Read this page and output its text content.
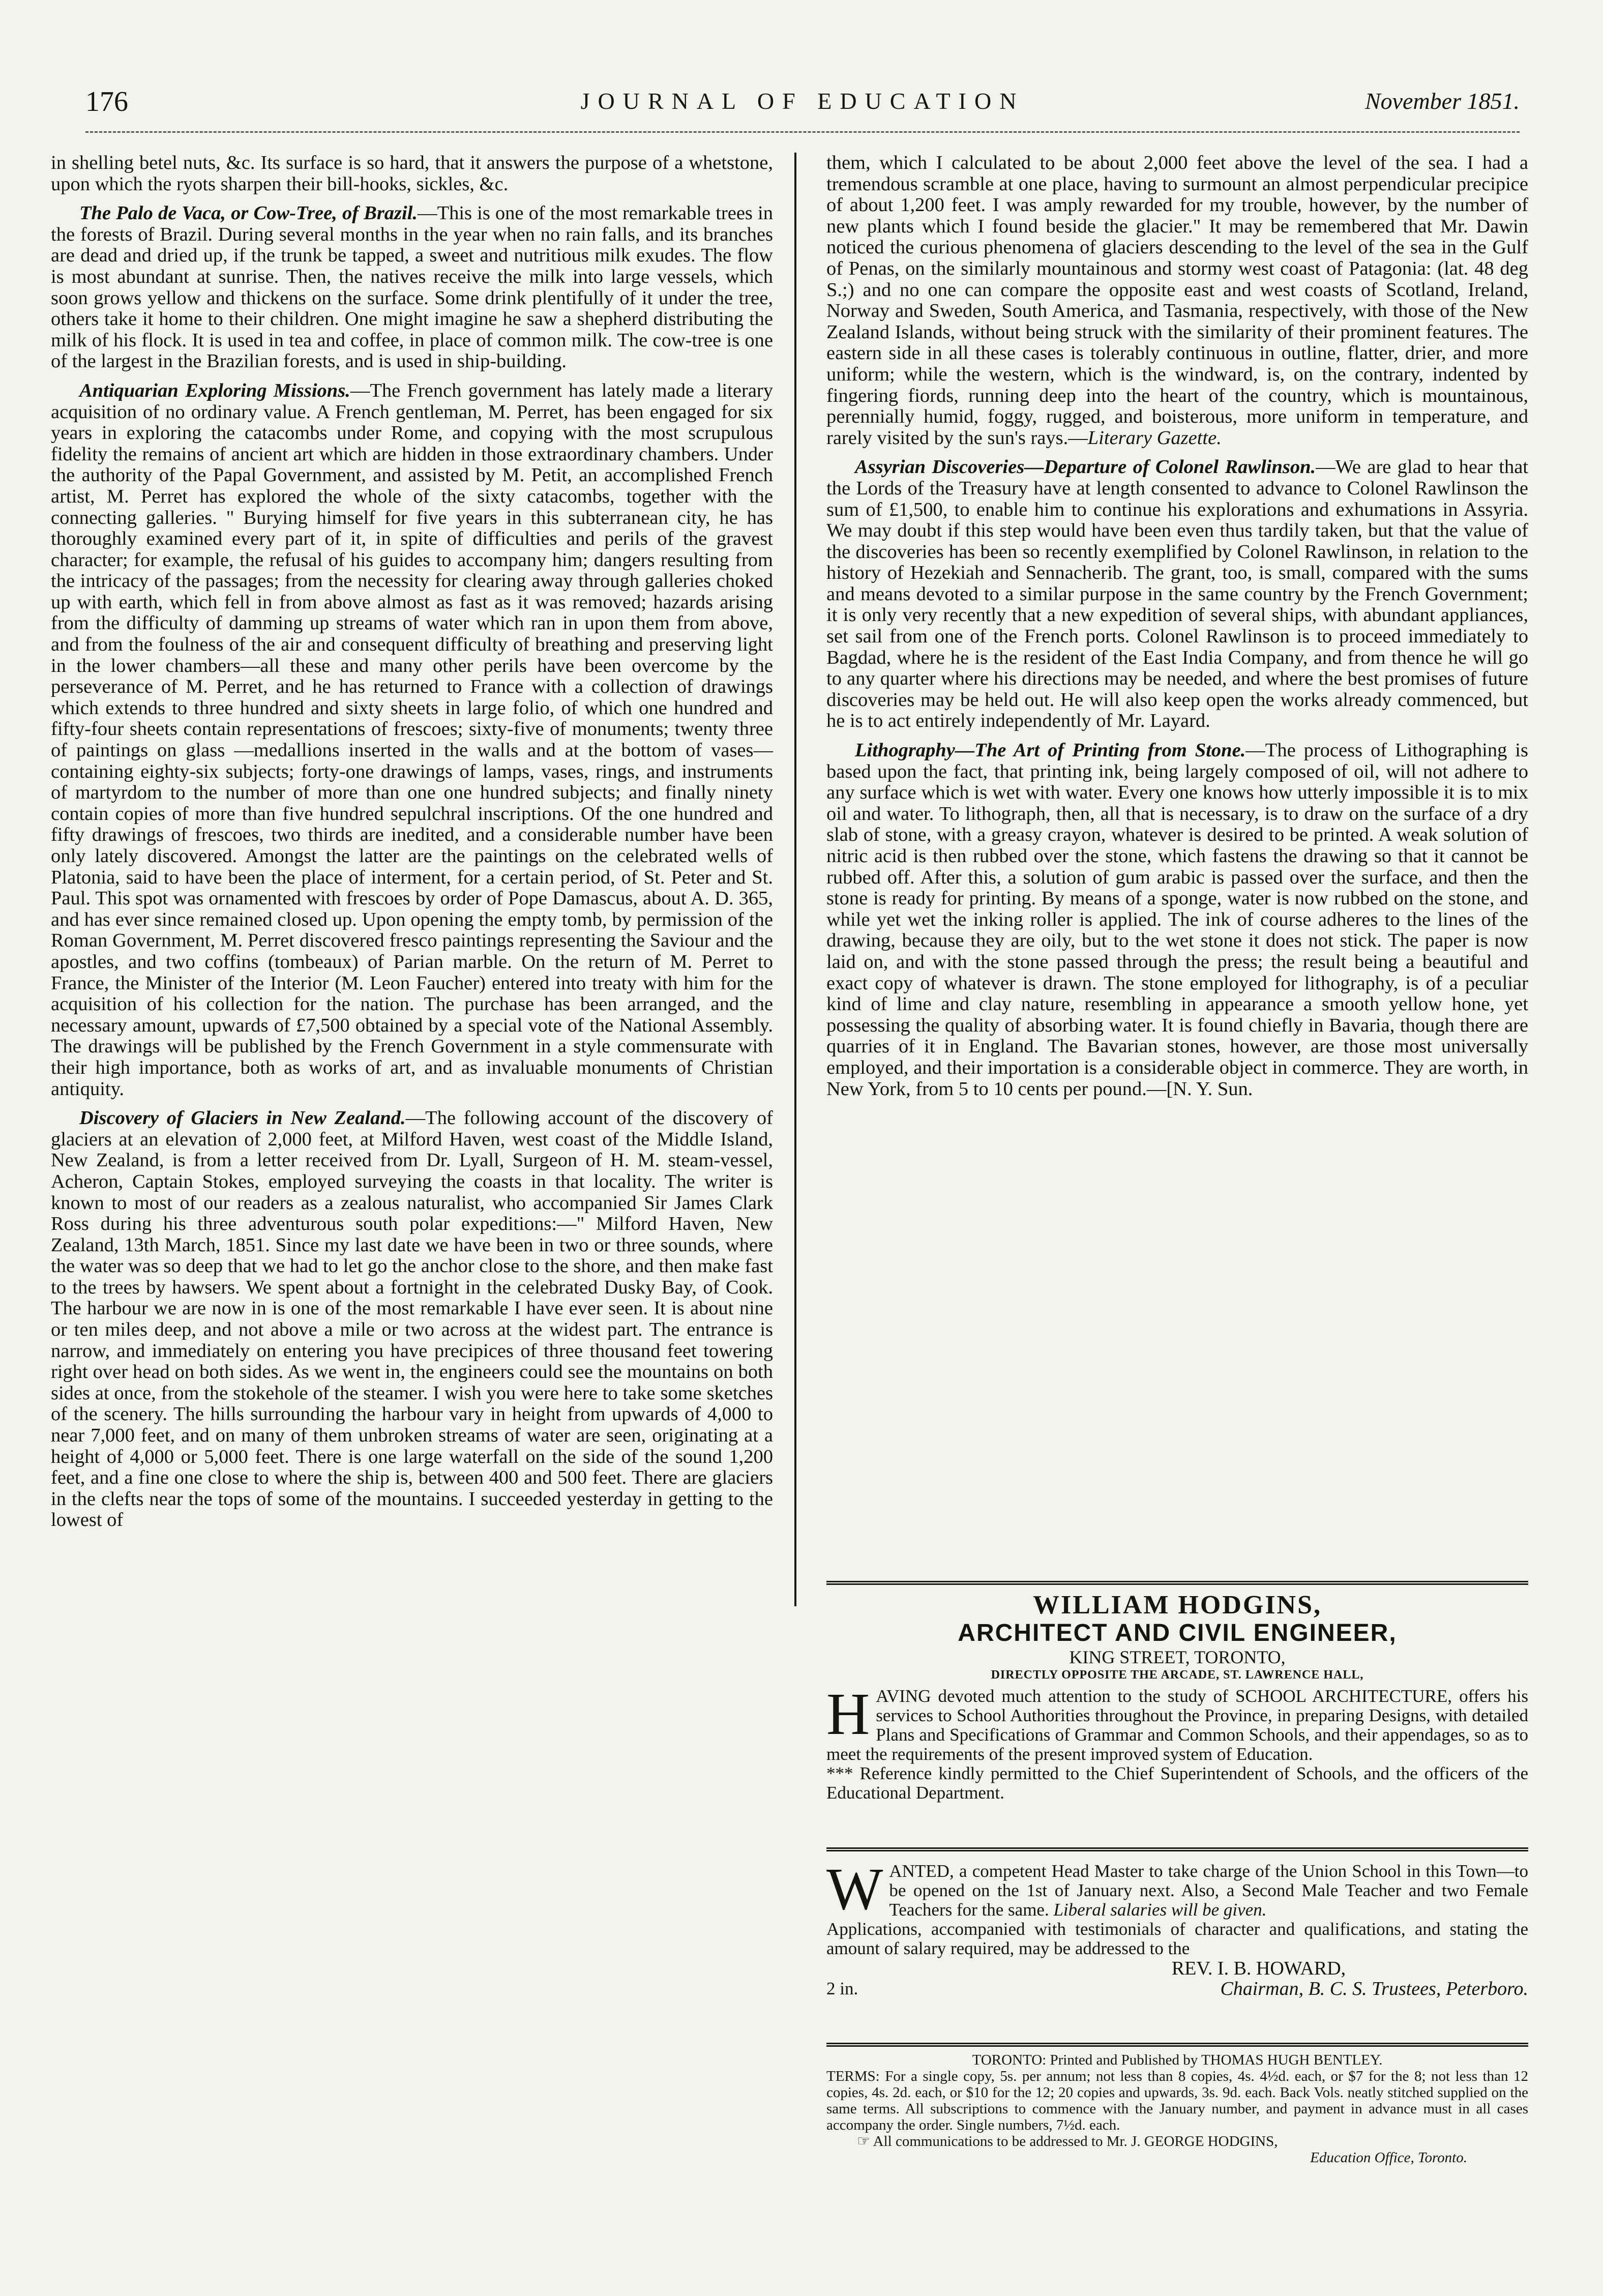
176	JOURNAL OF EDUCATION	November 1851.

in shelling betel nuts, &c. Its surface is so hard, that it answers the purpose of a whetstone, upon which the ryots sharpen their bill-hooks, sickles, &c.

The Palo de Vaca, or Cow-Tree, of Brazil.—This is one of the most remarkable trees in the forests of Brazil. During several months in the year when no rain falls, and its branches are dead and dried up, if the trunk be tapped, a sweet and nutritious milk exudes. The flow is most abundant at sunrise. Then, the natives receive the milk into large vessels, which soon grows yellow and thickens on the surface. Some drink plentifully of it under the tree, others take it home to their children. One might imagine he saw a shepherd distributing the milk of his flock. It is used in tea and coffee, in place of common milk. The cow-tree is one of the largest in the Brazilian forests, and is used in ship-building.

Antiquarian Exploring Missions.—The French government has lately made a literary acquisition of no ordinary value. A French gentleman, M. Perret, has been engaged for six years in exploring the catacombs under Rome, and copying with the most scrupulous fidelity the remains of ancient art which are hidden in those extraordinary chambers. Under the authority of the Papal Government, and assisted by M. Petit, an accomplished French artist, M. Perret has explored the whole of the sixty catacombs, together with the connecting galleries. " Burying himself for five years in this subterranean city, he has thoroughly examined every part of it, in spite of difficulties and perils of the gravest character; for example, the refusal of his guides to accompany him; dangers resulting from the intricacy of the passages; from the necessity for clearing away through galleries choked up with earth, which fell in from above almost as fast as it was removed; hazards arising from the difficulty of damming up streams of water which ran in upon them from above, and from the foulness of the air and consequent difficulty of breathing and preserving light in the lower chambers—all these and many other perils have been overcome by the perseverance of M. Perret, and he has returned to France with a collection of drawings which extends to three hundred and sixty sheets in large folio, of which one hundred and fifty-four sheets contain representations of frescoes; sixty-five of monuments; twenty three of paintings on glass —medallions inserted in the walls and at the bottom of vases—containing eighty-six subjects; forty-one drawings of lamps, vases, rings, and instruments of martyrdom to the number of more than one one hundred subjects; and finally ninety contain copies of more than five hundred sepulchral inscriptions. Of the one hundred and fifty drawings of frescoes, two thirds are inedited, and a considerable number have been only lately discovered. Amongst the latter are the paintings on the celebrated wells of Platonia, said to have been the place of interment, for a certain period, of St. Peter and St. Paul. This spot was ornamented with frescoes by order of Pope Damascus, about A. D. 365, and has ever since remained closed up. Upon opening the empty tomb, by permission of the Roman Government, M. Perret discovered fresco paintings representing the Saviour and the apostles, and two coffins (tombeaux) of Parian marble. On the return of M. Perret to France, the Minister of the Interior (M. Leon Faucher) entered into treaty with him for the acquisition of his collection for the nation. The purchase has been arranged, and the necessary amount, upwards of £7,500 obtained by a special vote of the National Assembly. The drawings will be published by the French Government in a style commensurate with their high importance, both as works of art, and as invaluable monuments of Christian antiquity.

Discovery of Glaciers in New Zealand.—The following account of the discovery of glaciers at an elevation of 2,000 feet, at Milford Haven, west coast of the Middle Island, New Zealand, is from a letter received from Dr. Lyall, Surgeon of H. M. steam-vessel, Acheron, Captain Stokes, employed surveying the coasts in that locality. The writer is known to most of our readers as a zealous naturalist, who accompanied Sir James Clark Ross during his three adventurous south polar expeditions:—" Milford Haven, New Zealand, 13th March, 1851. Since my last date we have been in two or three sounds, where the water was so deep that we had to let go the anchor close to the shore, and then make fast to the trees by hawsers. We spent about a fortnight in the celebrated Dusky Bay, of Cook. The harbour we are now in is one of the most remarkable I have ever seen. It is about nine or ten miles deep, and not above a mile or two across at the widest part. The entrance is narrow, and immediately on entering you have precipices of three thousand feet towering right over head on both sides. As we went in, the engineers could see the mountains on both sides at once, from the stokehole of the steamer. I wish you were here to take some sketches of the scenery. The hills surrounding the harbour vary in height from upwards of 4,000 to near 7,000 feet, and on many of them unbroken streams of water are seen, originating at a height of 4,000 or 5,000 feet. There is one large waterfall on the side of the sound 1,200 feet, and a fine one close to where the ship is, between 400 and 500 feet. There are glaciers in the clefts near the tops of some of the mountains. I succeeded yesterday in getting to the lowest of

them, which I calculated to be about 2,000 feet above the level of the sea. I had a tremendous scramble at one place, having to surmount an almost perpendicular precipice of about 1,200 feet. I was amply rewarded for my trouble, however, by the number of new plants which I found beside the glacier." It may be remembered that Mr. Dawin noticed the curious phenomena of glaciers descending to the level of the sea in the Gulf of Penas, on the similarly mountainous and stormy west coast of Patagonia: (lat. 48 deg S.;) and no one can compare the opposite east and west coasts of Scotland, Ireland, Norway and Sweden, South America, and Tasmania, respectively, with those of the New Zealand Islands, without being struck with the similarity of their prominent features. The eastern side in all these cases is tolerably continuous in outline, flatter, drier, and more uniform; while the western, which is the windward, is, on the contrary, indented by fingering fiords, running deep into the heart of the country, which is mountainous, perennially humid, foggy, rugged, and boisterous, more uniform in temperature, and rarely visited by the sun's rays.—Literary Gazette.

Assyrian Discoveries—Departure of Colonel Rawlinson.—We are glad to hear that the Lords of the Treasury have at length consented to advance to Colonel Rawlinson the sum of £1,500, to enable him to continue his explorations and exhumations in Assyria. We may doubt if this step would have been even thus tardily taken, but that the value of the discoveries has been so recently exemplified by Colonel Rawlinson, in relation to the history of Hezekiah and Sennacherib. The grant, too, is small, compared with the sums and means devoted to a similar purpose in the same country by the French Government; it is only very recently that a new expedition of several ships, with abundant appliances, set sail from one of the French ports. Colonel Rawlinson is to proceed immediately to Bagdad, where he is the resident of the East India Company, and from thence he will go to any quarter where his directions may be needed, and where the best promises of future discoveries may be held out. He will also keep open the works already commenced, but he is to act entirely independently of Mr. Layard.

Lithography—The Art of Printing from Stone.—The process of Lithographing is based upon the fact, that printing ink, being largely composed of oil, will not adhere to any surface which is wet with water. Every one knows how utterly impossible it is to mix oil and water. To lithograph, then, all that is necessary, is to draw on the surface of a dry slab of stone, with a greasy crayon, whatever is desired to be printed. A weak solution of nitric acid is then rubbed over the stone, which fastens the drawing so that it cannot be rubbed off. After this, a solution of gum arabic is passed over the surface, and then the stone is ready for printing. By means of a sponge, water is now rubbed on the stone, and while yet wet the inking roller is applied. The ink of course adheres to the lines of the drawing, because they are oily, but to the wet stone it does not stick. The paper is now laid on, and with the stone passed through the press; the result being a beautiful and exact copy of whatever is drawn. The stone employed for lithography, is of a peculiar kind of lime and clay nature, resembling in appearance a smooth yellow hone, yet possessing the quality of absorbing water. It is found chiefly in Bavaria, though there are quarries of it in England. The Bavarian stones, however, are those most universally employed, and their importation is a considerable object in commerce. They are worth, in New York, from 5 to 10 cents per pound.—[N. Y. Sun.

WILLIAM HODGINS,
ARCHITECT AND CIVIL ENGINEER,
KING STREET, TORONTO,
DIRECTLY OPPOSITE THE ARCADE, ST. LAWRENCE HALL,
HAVING devoted much attention to the study of SCHOOL ARCHITECTURE, offers his services to School Authorities throughout the Province, in preparing Designs, with detailed Plans and Specifications of Grammar and Common Schools, and their appendages, so as to meet the requirements of the present improved system of Education.
*** Reference kindly permitted to the Chief Superintendent of Schools, and the officers of the Educational Department.
WANTED, a competent Head Master to take charge of the Union School in this Town—to be opened on the 1st of January next. Also, a Second Male Teacher and two Female Teachers for the same. Liberal salaries will be given.
Applications, accompanied with testimonials of character and qualifications, and stating the amount of salary required, may be addressed to the
REV. I. B. HOWARD,
2 in.	Chairman, B. C. S. Trustees, Peterboro.
TORONTO: Printed and Published by THOMAS HUGH BENTLEY.
TERMS: For a single copy, 5s. per annum; not less than 8 copies, 4s. 4½d. each, or $7 for the 8; not less than 12 copies, 4s. 2d. each, or $10 for the 12; 20 copies and upwards, 3s. 9d. each. Back Vols. neatly stitched supplied on the same terms. All subscriptions to commence with the January number, and payment in advance must in all cases accompany the order. Single numbers, 7½d. each.
☞ All communications to be addressed to Mr. J. GEORGE HODGINS,
Education Office, Toronto.
